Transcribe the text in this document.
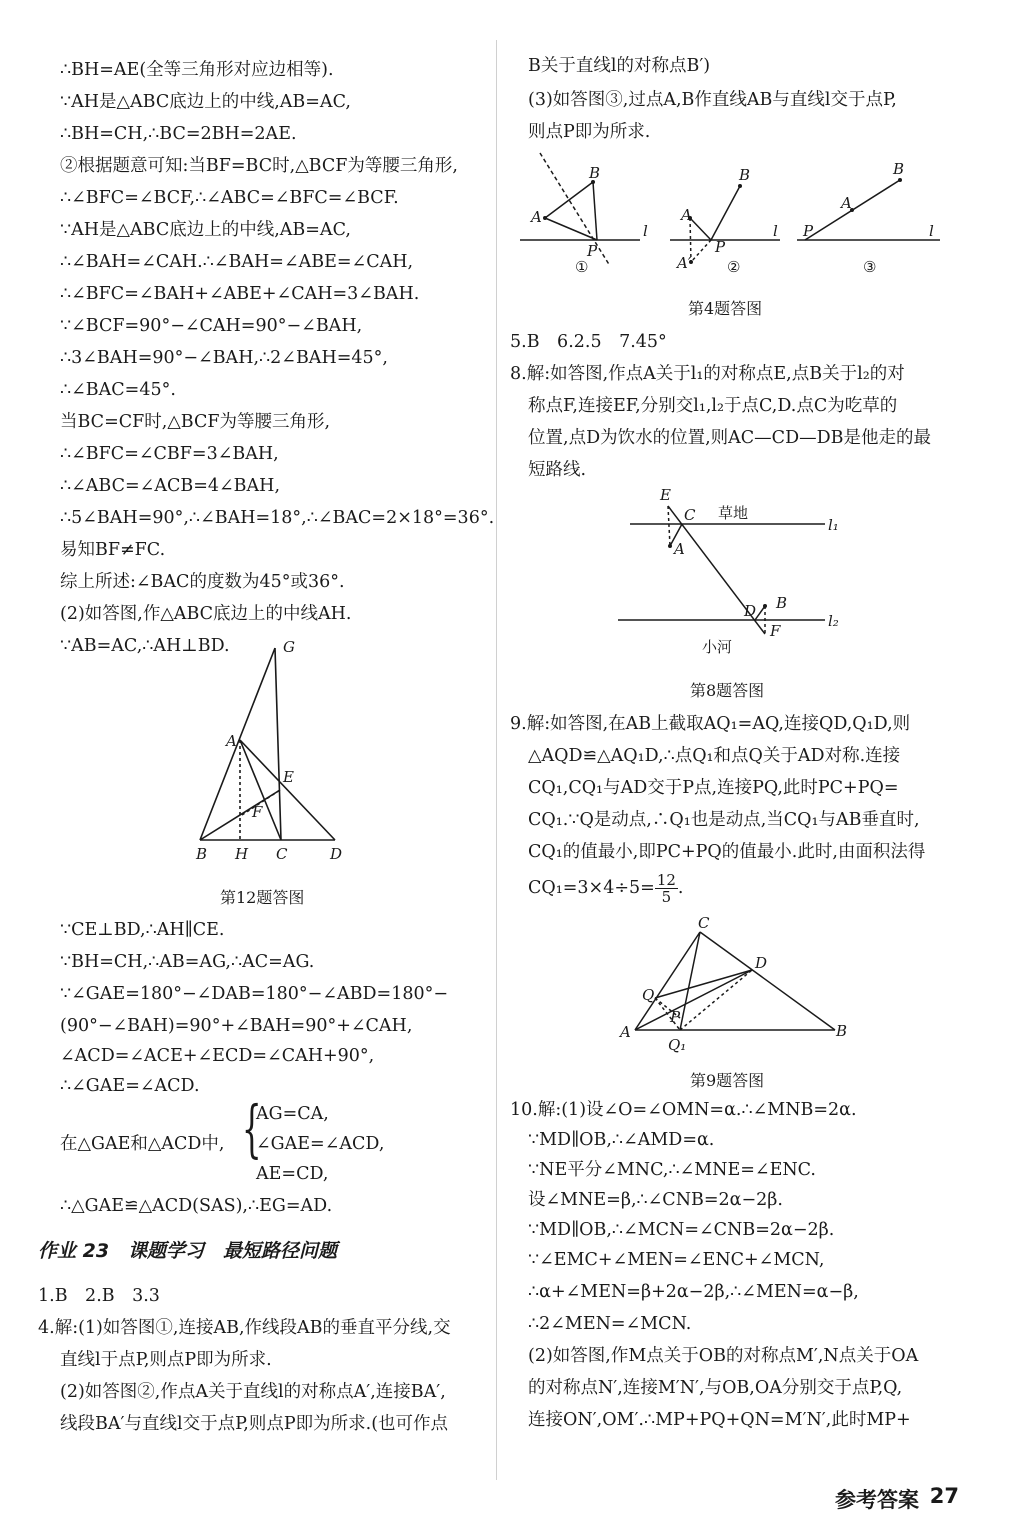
∴BH=AE(全等三角形对应边相等).
∵AH是△ABC底边上的中线,AB=AC,
∴BH=CH,∴BC=2BH=2AE.
②根据题意可知:当BF=BC时,△BCF为等腰三角形,
∴∠BFC=∠BCF,∴∠ABC=∠BFC=∠BCF.
∵AH是△ABC底边上的中线,AB=AC,
∴∠BAH=∠CAH.∴∠BAH=∠ABE=∠CAH,
∴∠BFC=∠BAH+∠ABE+∠CAH=3∠BAH.
∵∠BCF=90°−∠CAH=90°−∠BAH,
∴3∠BAH=90°−∠BAH,∴2∠BAH=45°,
∴∠BAC=45°.
当BC=CF时,△BCF为等腰三角形,
∴∠BFC=∠CBF=3∠BAH,
∴∠ABC=∠ACB=4∠BAH,
∴5∠BAH=90°,∴∠BAH=18°,∴∠BAC=2×18°=36°.
易知BF≠FC.
综上所述:∠BAC的度数为45°或36°.
(2)如答图,作△ABC底边上的中线AH.
∵AB=AC,∴AH⊥BD.	G
A
E
F
B H C	D
第12题答图
∵CE⊥BD,∴AH∥CE.
∵BH=CH,∴AB=AG,∴AC=AG.
∵∠GAE=180°−∠DAB=180°−∠ABD=180°−
(90°−∠BAH)=90°+∠BAH=90°+∠CAH,
∠ACD=∠ACE+∠ECD=∠CAH+90°,
∴∠GAE=∠ACD.
在△GAE和△ACD中, {
AG=CA,
∠GAE=∠ACD,
AE=CD,
∴△GAE≌△ACD(SAS),∴EG=AD.
作业 23　课题学习　最短路径问题
1.B　2.B　3.3
4.解:(1)如答图①,连接AB,作线段AB的垂直平分线,交
直线l于点P,则点P即为所求.
(2)如答图②,作点A关于直线l的对称点A′,连接BA′,
线段BA′与直线l交于点P,则点P即为所求.(也可作点
B关于直线l的对称点B′)
(3)如答图③,过点A,B作直线AB与直线l交于点P,
则点P即为所求.
A
B
P
l
A
B
P
A′
l P
A
B
l
①	②	③
第4题答图
5.B　6.2.5　7.45°
8.解:如答图,作点A关于l₁的对称点E,点B关于l₂的对
称点F,连接EF,分别交l₁,l₂于点C,D.点C为吃草的
位置,点D为饮水的位置,则AC—CD—DB是他走的最
短路线.
E
C
A
l₁
B
D
F
l₂
草地
小河
第8题答图
9.解:如答图,在AB上截取AQ₁=AQ,连接QD,Q₁D,则
△AQD≌△AQ₁D,∴点Q₁和点Q关于AD对称.连接
CQ₁,CQ₁与AD交于P点,连接PQ,此时PC+PQ=
CQ₁.∵Q是动点,∴Q₁也是动点,当CQ₁与AB垂直时,
CQ₁的值最小,即PC+PQ的值最小.此时,由面积法得
$CQ_1=3\times 4\div 5= \frac{12}{5}$ .
C
D
Q
P
A
Q₁
B
第9题答图
10.解:(1)设∠O=∠OMN=α.∴∠MNB=2α.
∵MD∥OB,∴∠AMD=α.
∵NE平分∠MNC,∴∠MNE=∠ENC.
设∠MNE=β,∴∠CNB=2α−2β.
∵MD∥OB,∴∠MCN=∠CNB=2α−2β.
∵∠EMC+∠MEN=∠ENC+∠MCN,
∴α+∠MEN=β+2α−2β,∴∠MEN=α−β,
∴2∠MEN=∠MCN.
(2)如答图,作M点关于OB的对称点M′,N点关于OA
的对称点N′,连接M′N′,与OB,OA分别交于点P,Q,
连接ON′,OM′.∴MP+PQ+QN=M′N′,此时MP+
参考答案 27
